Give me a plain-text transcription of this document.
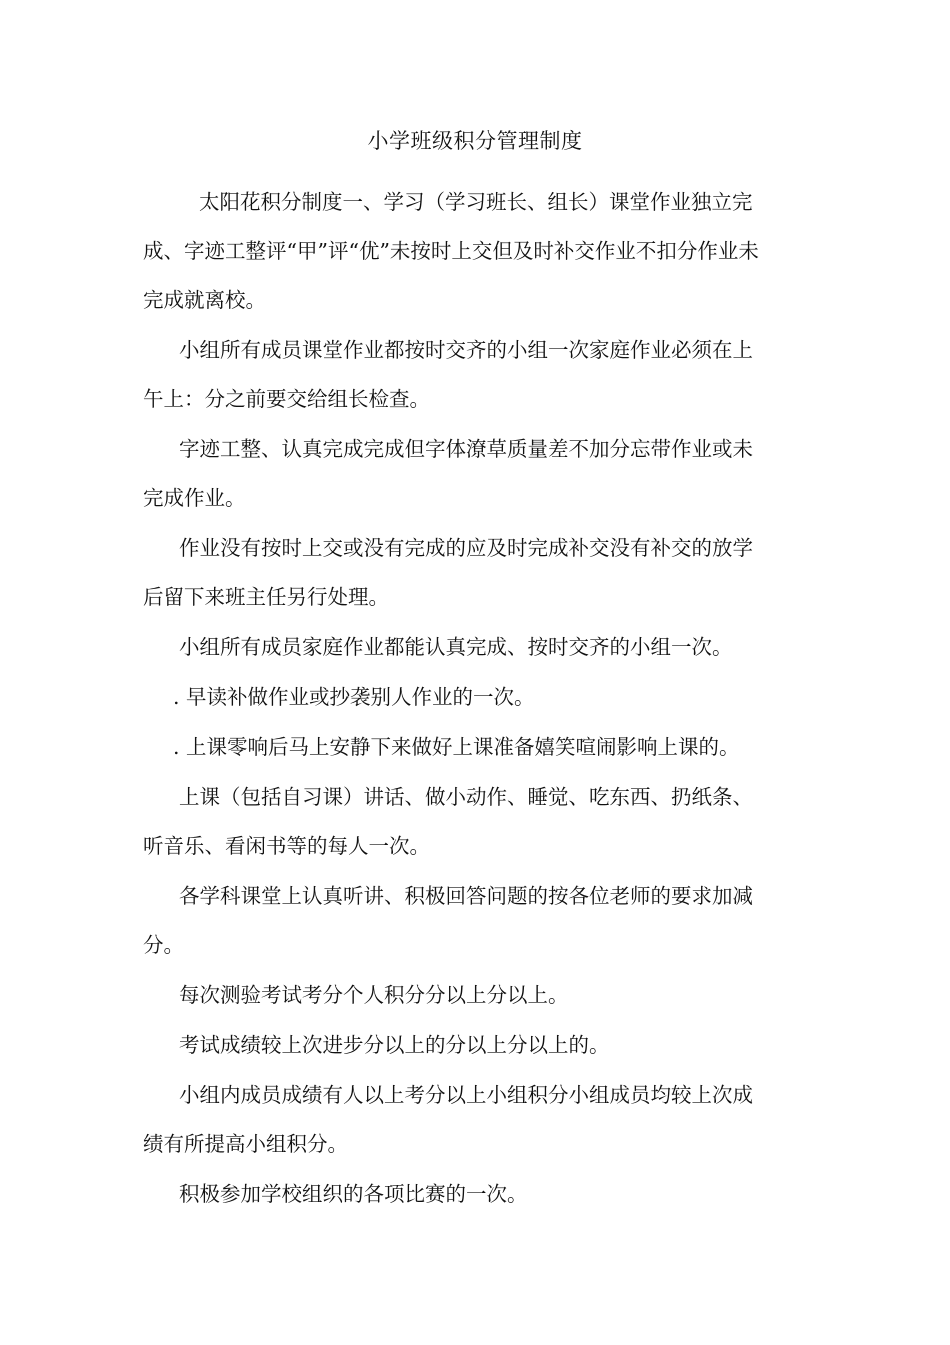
小学班级积分管理制度

太阳花积分制度一、学习（学习班长、组长）课堂作业独立完成、字迹工整评“甲”评“优”未按时上交但及时补交作业不扣分作业未完成就离校。

小组所有成员课堂作业都按时交齐的小组一次家庭作业必须在上午上：分之前要交给组长检查。

字迹工整、认真完成完成但字体潦草质量差不加分忘带作业或未完成作业。

作业没有按时上交或没有完成的应及时完成补交没有补交的放学后留下来班主任另行处理。

小组所有成员家庭作业都能认真完成、按时交齐的小组一次。

. 早读补做作业或抄袭别人作业的一次。

. 上课零响后马上安静下来做好上课准备嬉笑喧闹影响上课的。

上课（包括自习课）讲话、做小动作、睡觉、吃东西、扔纸条、听音乐、看闲书等的每人一次。

各学科课堂上认真听讲、积极回答问题的按各位老师的要求加减分。

每次测验考试考分个人积分分以上分以上。

考试成绩较上次进步分以上的分以上分以上的。

小组内成员成绩有人以上考分以上小组积分小组成员均较上次成绩有所提高小组积分。

积极参加学校组织的各项比赛的一次。
